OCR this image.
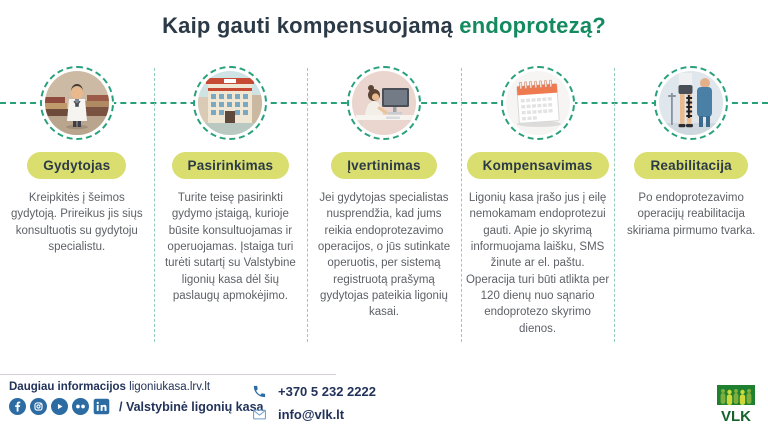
Kaip gauti kompensuojamą endoprotezą?
Gydytojas

Kreipkitės į šeimos gydytoją. Prireikus jis siųs konsultuotis su gydytoju specialistu.

Pasirinkimas

Turite teisę pasirinkti gydymo įstaigą, kurioje būsite konsultuojamas ir operuojamas. Įstaiga turi turėti sutartį su Valstybine ligonių kasa dėl šių paslaugų apmokėjimo.

Įvertinimas

Jei gydytojas specialistas nusprendžia, kad jums reikia endoprotezavimo operacijos, o jūs sutinkate operuotis, per sistemą registruotą prašymą gydytojas pateikia ligonių kasai.

Kompensavimas

Ligonių kasa įrašo jus į eilę nemokamam endoprotezui gauti. Apie jo skyrimą informuojama laišku, SMS žinute ar el. paštu. Operacija turi būti atlikta per 120 dienų nuo sąnario endoprotezo skyrimo dienos.

Reabilitacija

Po endoprotezavimo operacijų reabilitacija skiriama pirmumo tvarka.

Daugiau informacijos ligoniukasa.lrv.lt
/ Valstybinė ligonių kasa
+370 5 232 2222
info@vlk.lt	VLK
